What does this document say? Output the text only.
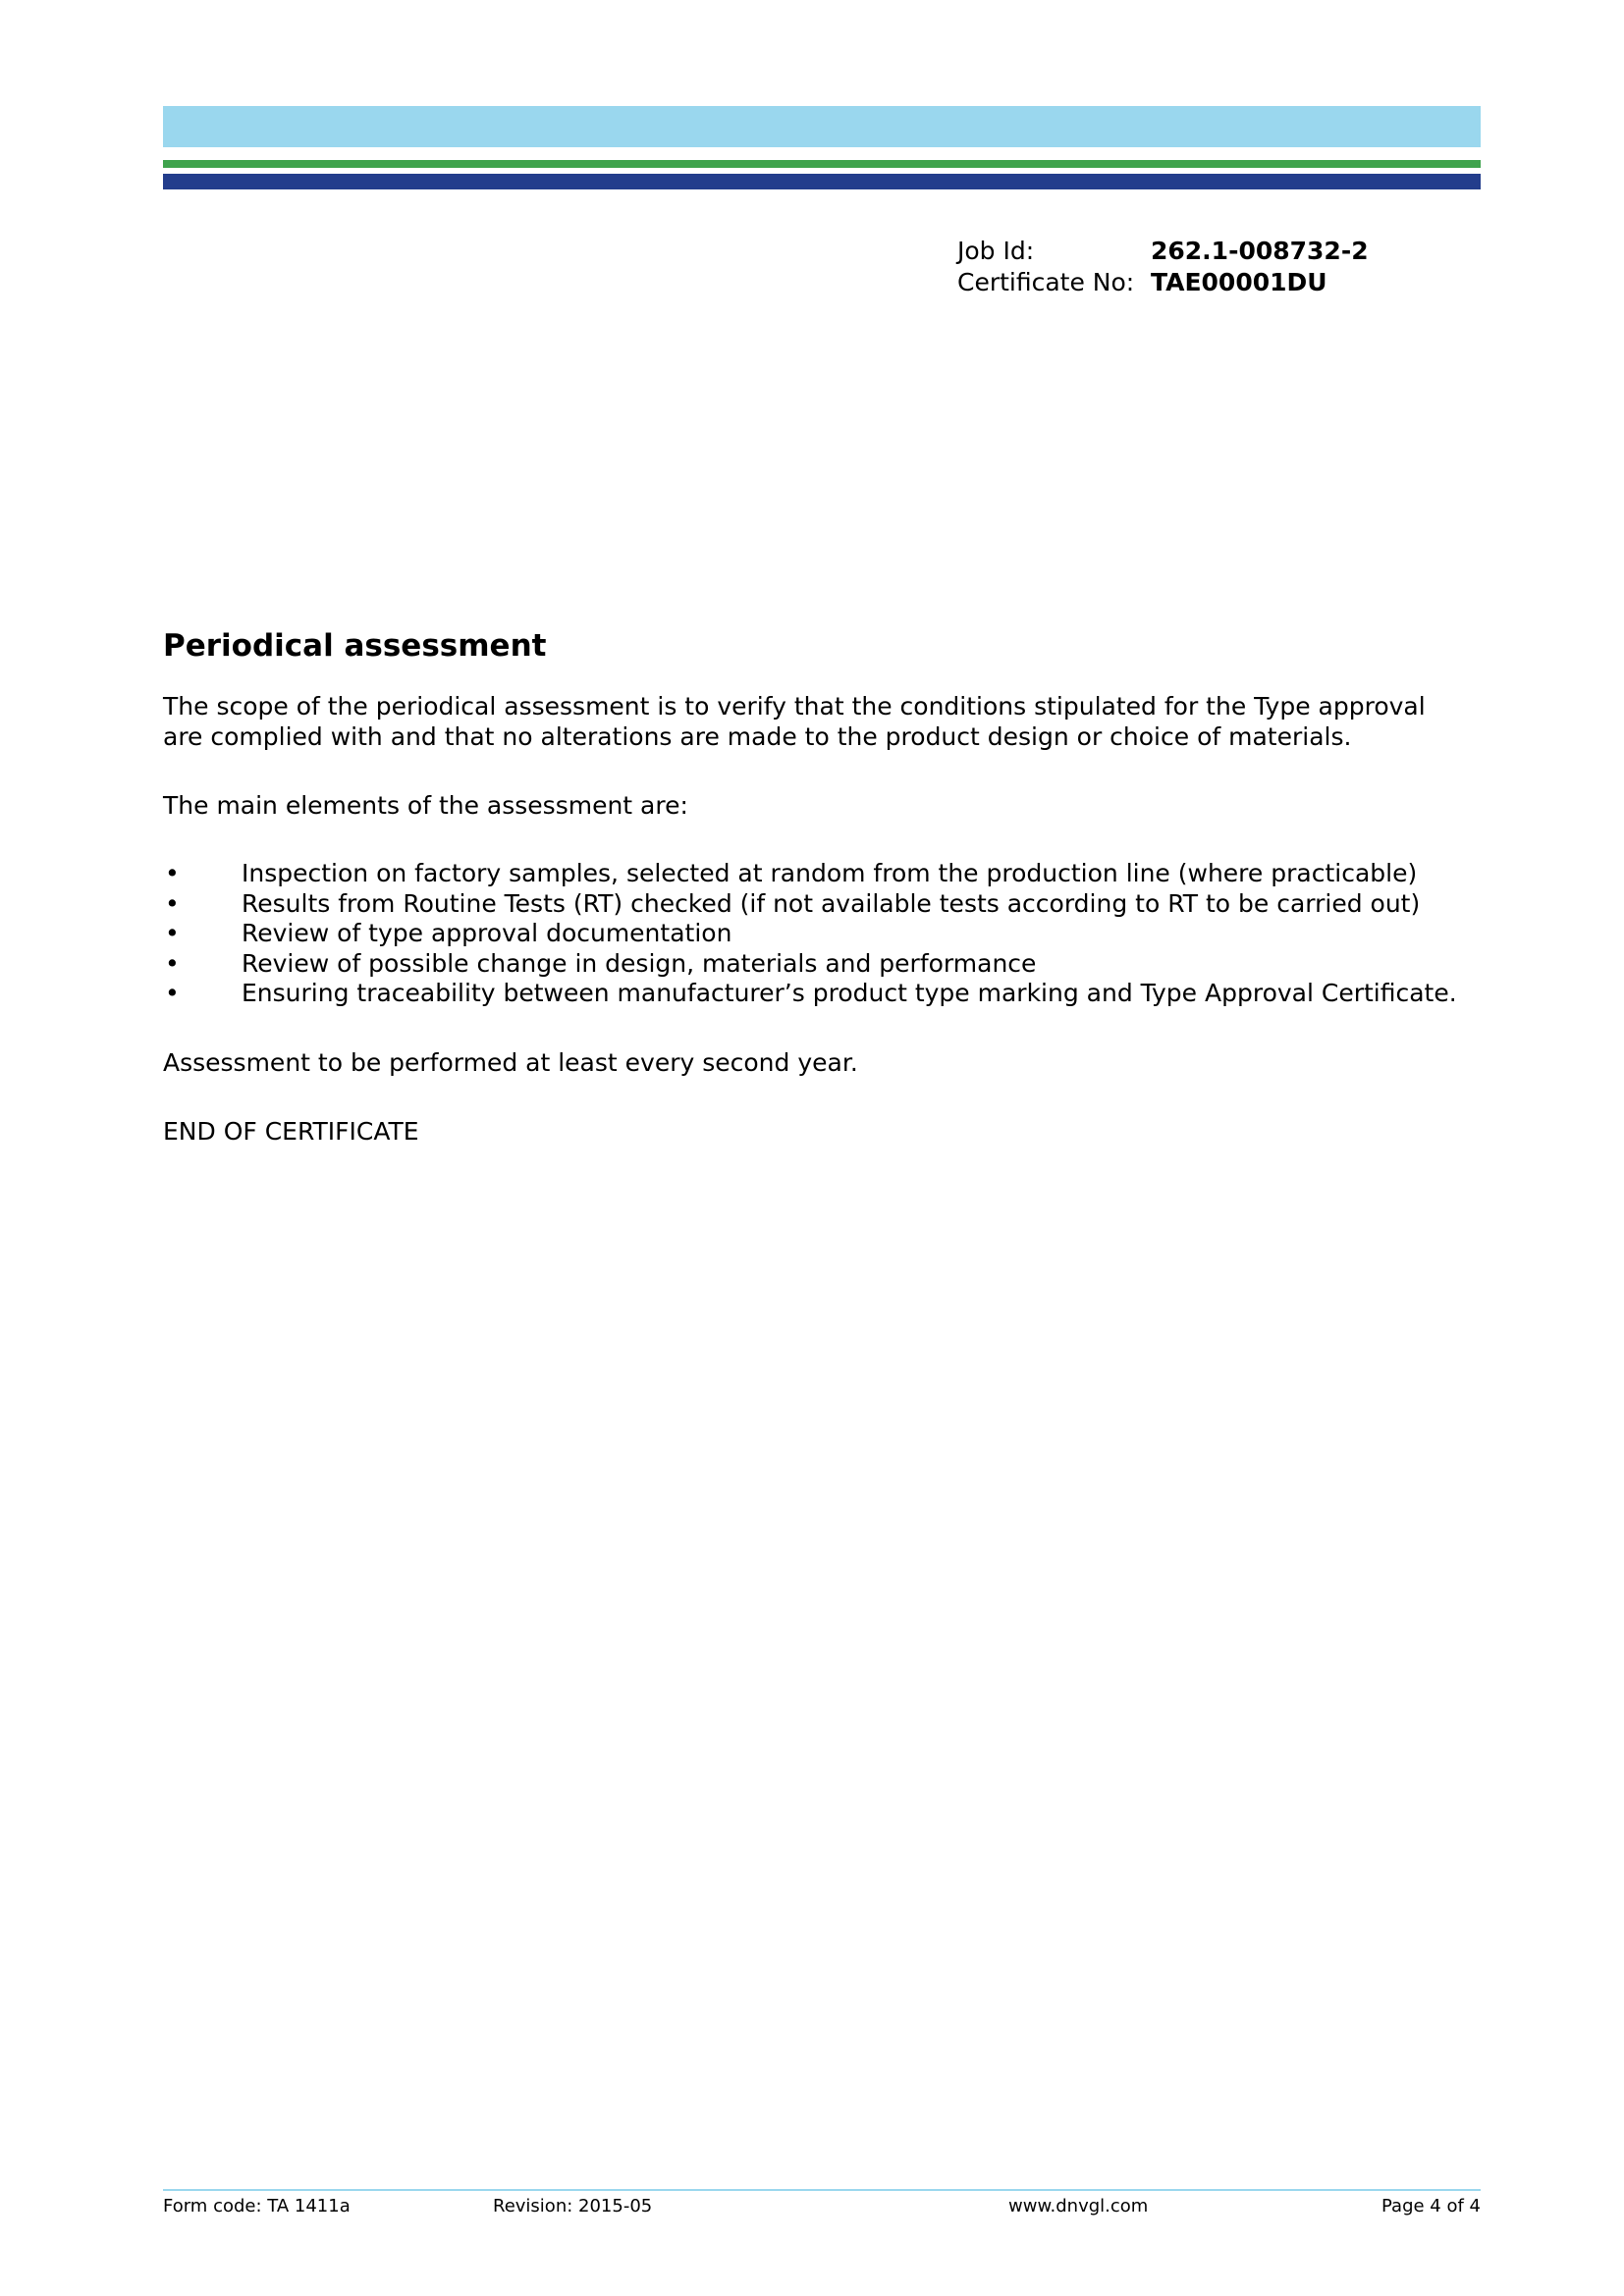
Job Id:	262.1-008732-2
Certificate No: TAE00001DU
Periodical assessment

The scope of the periodical assessment is to verify that the conditions stipulated for the Type approval
are complied with and that no alterations are made to the product design or choice of materials.

The main elements of the assessment are:

•	Inspection on factory samples, selected at random from the production line (where practicable)
•	Results from Routine Tests (RT) checked (if not available tests according to RT to be carried out)
•	Review of type approval documentation
•	Review of possible change in design, materials and performance
•	Ensuring traceability between manufacturer’s product type marking and Type Approval Certificate.

Assessment to be performed at least every second year.

END OF CERTIFICATE

Form code: TA 1411a	Revision: 2015-05	www.dnvgl.com	Page 4 of 4
